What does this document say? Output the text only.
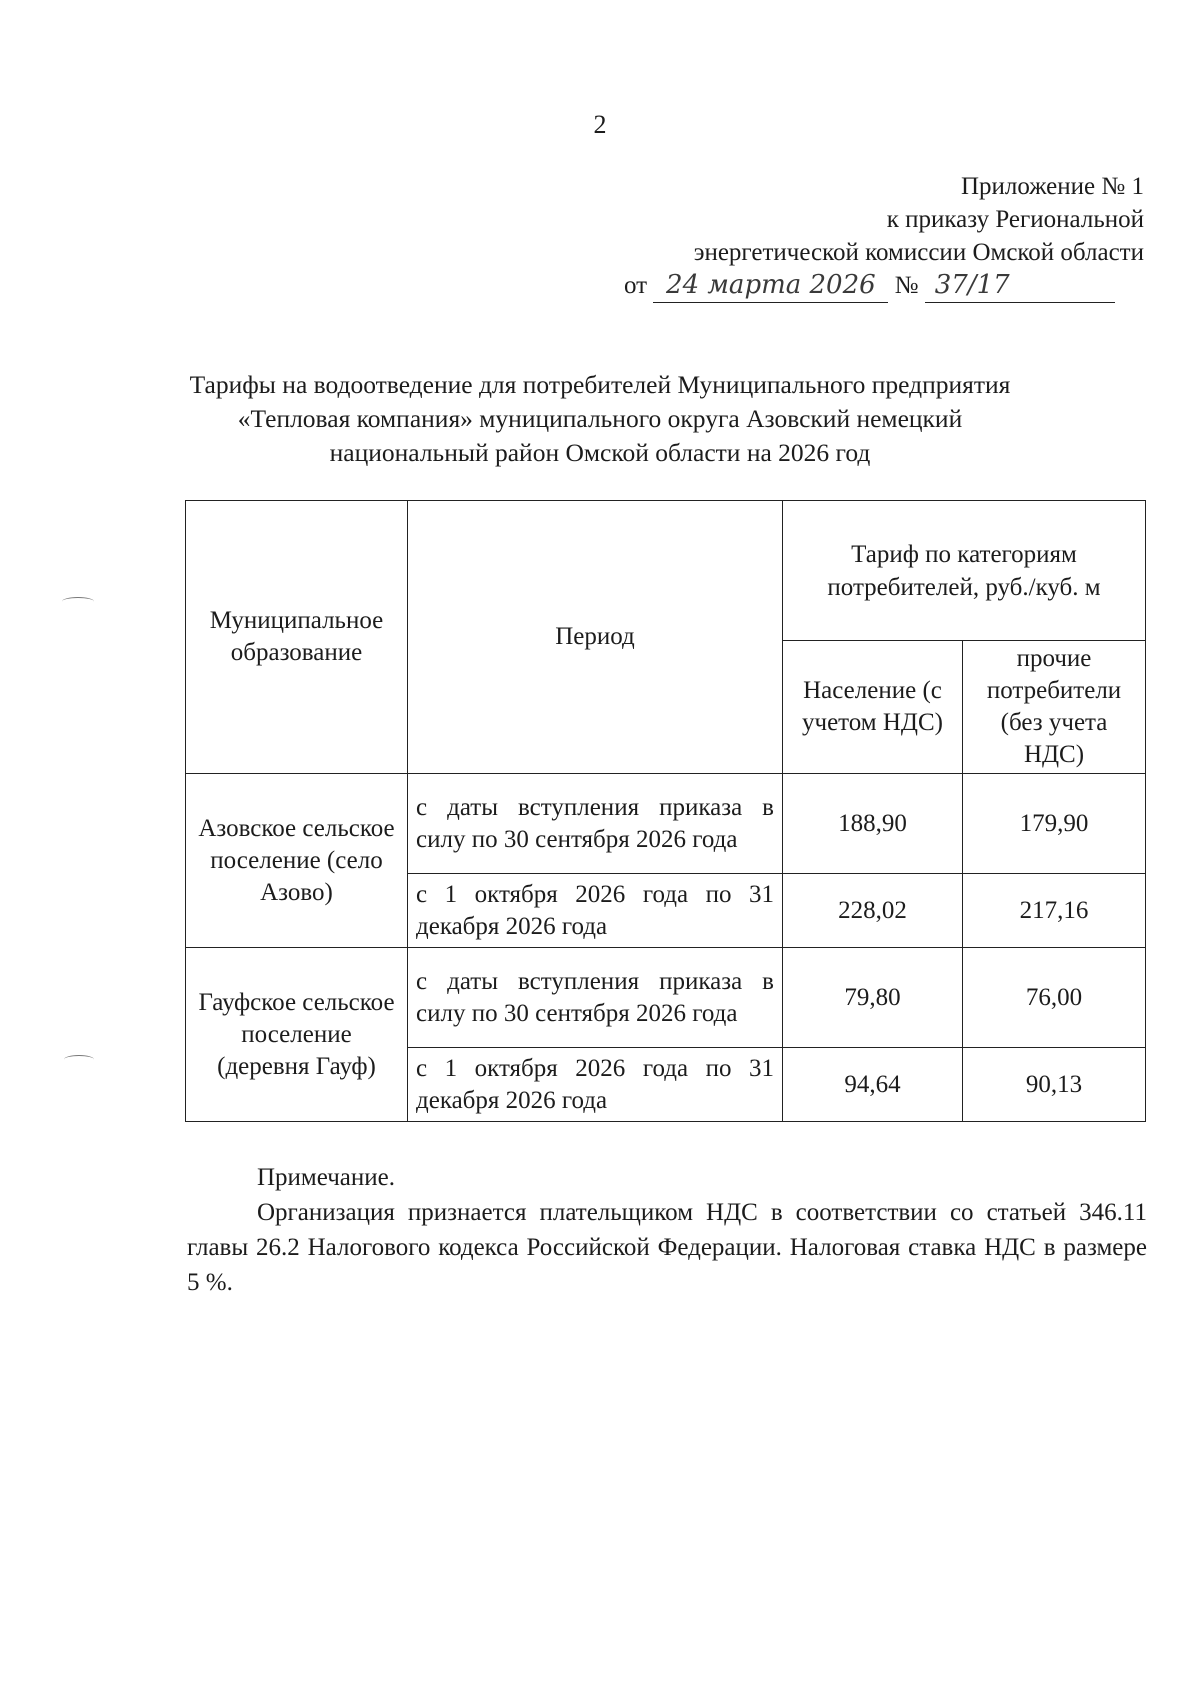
2
Приложение № 1
к приказу Региональной
энергетической комиссии Омской области
от 24 марта 2026 № 37/17
Тарифы на водоотведение для потребителей Муниципального предприятия
«Тепловая компания» муниципального округа Азовский немецкий
национальный район Омской области на 2026 год
Муниципальное образование	Период	Тариф по категориям потребителей, руб./куб. м	
		Население (с учетом НДС)	прочие потребители (без учета НДС)
Азовское сельское поселение (село Азово)	с даты вступления приказа в силу по 30 сентября 2026 года	188,90	179,90
	с 1 октября 2026 года по 31 декабря 2026 года	228,02	217,16
Гауфское сельское поселение (деревня Гауф)	с даты вступления приказа в силу по 30 сентября 2026 года	79,80	76,00
	с 1 октября 2026 года по 31 декабря 2026 года	94,64	90,13

Примечание.

Организация признается плательщиком НДС в соответствии со статьей 346.11 главы 26.2 Налогового кодекса Российской Федерации. Налоговая ставка НДС в размере 5 %.
